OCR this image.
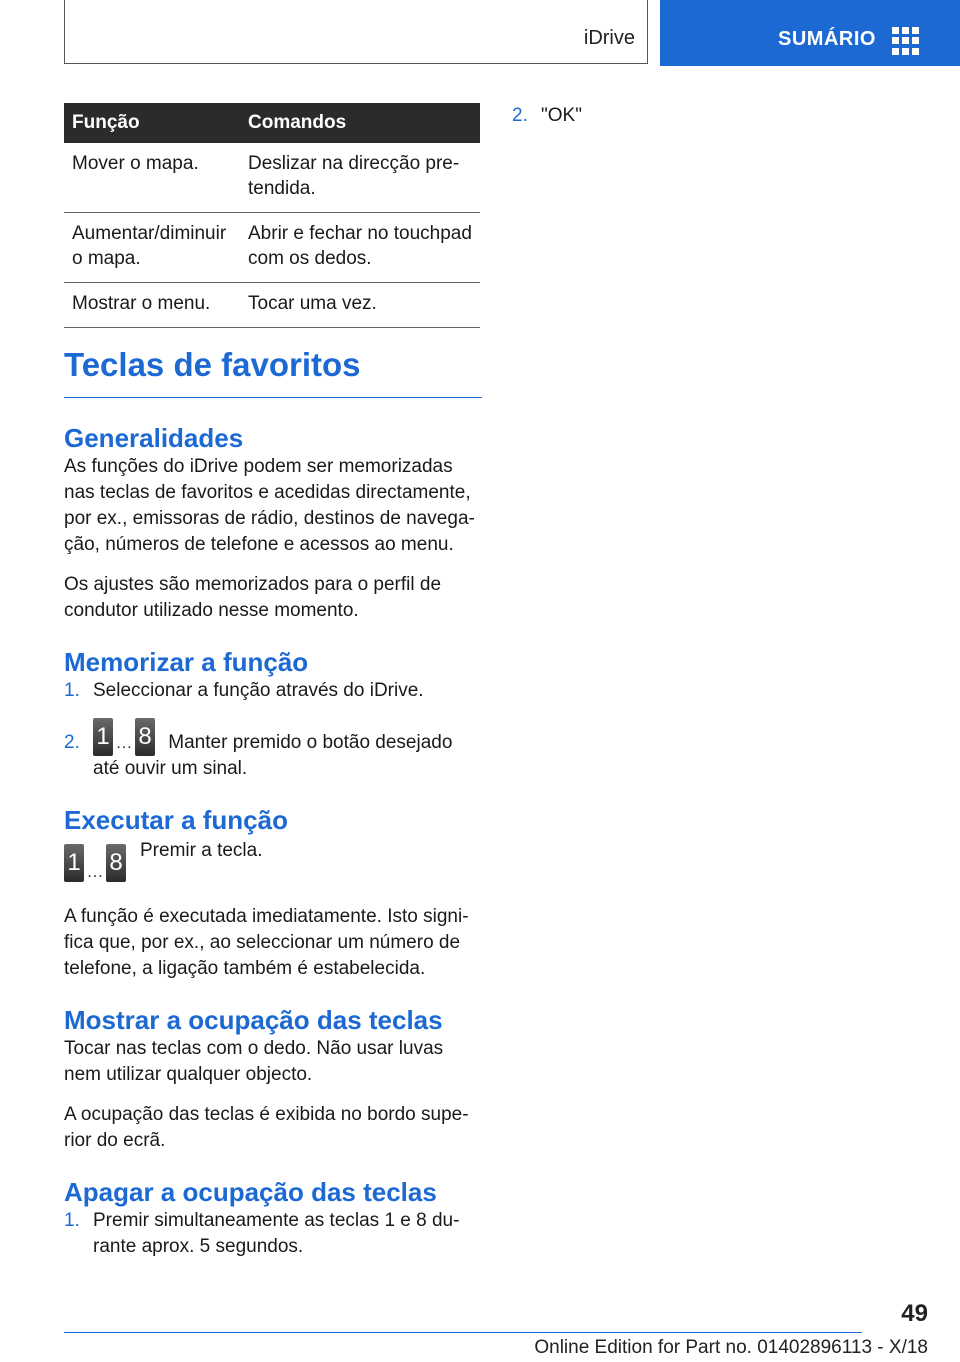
iDrive	SUMÁRIO
Função	Comandos
Mover o mapa.	Deslizar na direcção pre-tendida.
Aumentar/diminuir o mapa.	Abrir e fechar no touchpad com os dedos.
Mostrar o menu.	Tocar uma vez.
Teclas de favoritos
Generalidades

As funções do iDrive podem ser memorizadas nas teclas de favoritos e acedidas directamente, por ex., emissoras de rádio, destinos de navega-ção, números de telefone e acessos ao menu.

Os ajustes são memorizados para o perfil de condutor utilizado nesse momento.

Memorizar a função
1. Seleccionar a função através do iDrive.
2. 1 … 8 Manter premido o botão desejado até ouvir um sinal.
Executar a função
1 … 8 Premir a tecla.

A função é executada imediatamente. Isto signi-fica que, por ex., ao seleccionar um número de telefone, a ligação também é estabelecida.

Mostrar a ocupação das teclas

Tocar nas teclas com o dedo. Não usar luvas nem utilizar qualquer objecto.

A ocupação das teclas é exibida no bordo supe-rior do ecrã.

Apagar a ocupação das teclas
1. Premir simultaneamente as teclas 1 e 8 du-rante aprox. 5 segundos.
2. "OK"
49
Online Edition for Part no. 01402896113 - X/18
